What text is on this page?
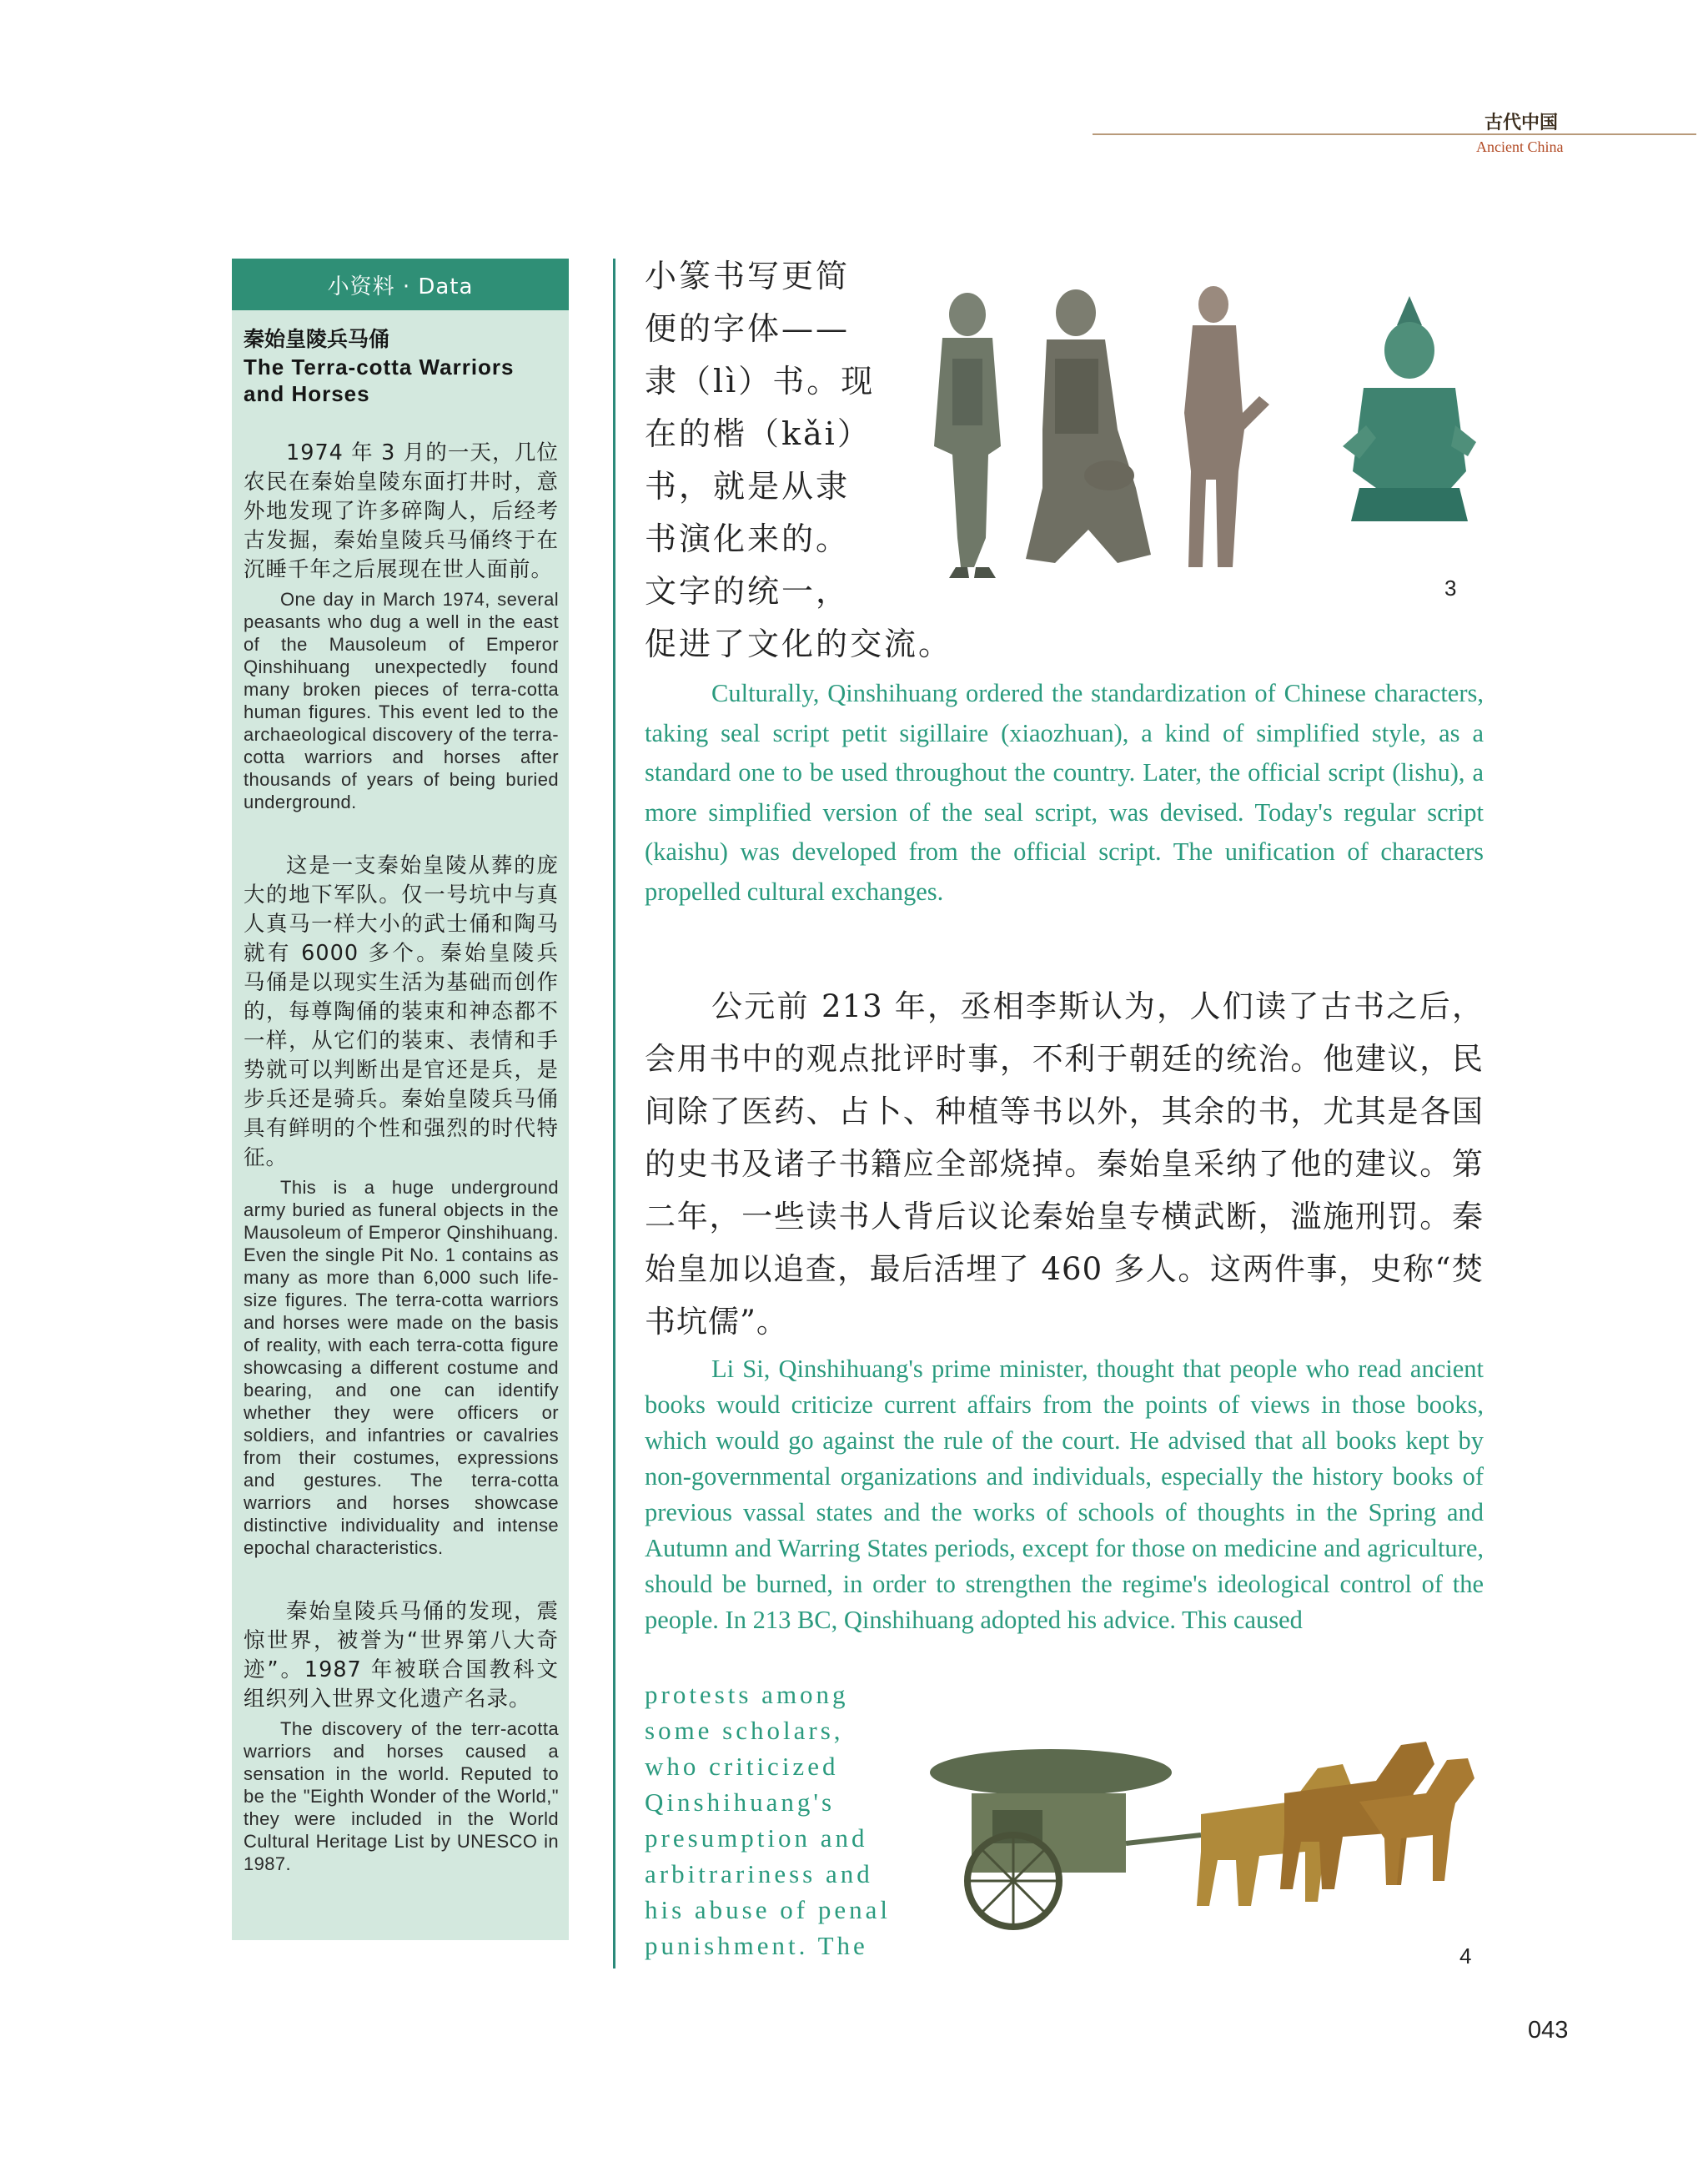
古代中国
Ancient China
小资料 · Data
秦始皇陵兵马俑
The Terra-cotta Warriors
and Horses

1974 年 3 月的一天，几位农民在秦始皇陵东面打井时，意外地发现了许多碎陶人，后经考古发掘，秦始皇陵兵马俑终于在沉睡千年之后展现在世人面前。

One day in March 1974, several peasants who dug a well in the east of the Mausoleum of Emperor Qinshihuang unexpectedly found many broken pieces of terra-cotta human figures. This event led to the archaeological discovery of the terra-cotta warriors and horses after thousands of years of being buried underground.

这是一支秦始皇陵从葬的庞大的地下军队。仅一号坑中与真人真马一样大小的武士俑和陶马就有 6000 多个。秦始皇陵兵马俑是以现实生活为基础而创作的，每尊陶俑的装束和神态都不一样，从它们的装束、表情和手势就可以判断出是官还是兵，是步兵还是骑兵。秦始皇陵兵马俑具有鲜明的个性和强烈的时代特征。

This is a huge underground army buried as funeral objects in the Mausoleum of Emperor Qinshihuang. Even the single Pit No. 1 contains as many as more than 6,000 such life-size figures. The terra-cotta warriors and horses were made on the basis of reality, with each terra-cotta figure showcasing a different costume and bearing, and one can identify whether they were officers or soldiers, and infantries or cavalries from their costumes, expressions and gestures. The terra-cotta warriors and horses showcase distinctive individuality and intense epochal characteristics.

秦始皇陵兵马俑的发现，震惊世界，被誉为“世界第八大奇迹”。1987 年被联合国教科文组织列入世界文化遗产名录。

The discovery of the terr-acotta warriors and horses caused a sensation in the world. Reputed to be the "Eighth Wonder of the World," they were included in the World Cultural Heritage List by UNESCO in 1987.

小篆书写更简

便的字体——

隶（lì）书。现

在的楷（kǎi）

书，就是从隶

书演化来的。

文字的统一，

促进了文化的交流。

3

Culturally, Qinshihuang ordered the standardization of Chinese characters, taking seal script petit sigillaire (xiaozhuan), a kind of simplified style, as a standard one to be used throughout the country. Later, the official script (lishu), a more simplified version of the seal script, was devised. Today's regular script (kaishu) was developed from the official script. The unification of characters propelled cultural exchanges.

公元前 213 年，丞相李斯认为，人们读了古书之后，会用书中的观点批评时事，不利于朝廷的统治。他建议，民间除了医药、占卜、种植等书以外，其余的书，尤其是各国的史书及诸子书籍应全部烧掉。秦始皇采纳了他的建议。第二年，一些读书人背后议论秦始皇专横武断，滥施刑罚。秦始皇加以追查，最后活埋了 460 多人。这两件事，史称“焚书坑儒”。

Li Si, Qinshihuang's prime minister, thought that people who read ancient books would criticize current affairs from the points of views in those books, which would go against the rule of the court. He advised that all books kept by non-governmental organizations and individuals, especially the history books of previous vassal states and the works of schools of thoughts in the Spring and Autumn and Warring States periods, except for those on medicine and agriculture, should be burned, in order to strengthen the regime's ideological control of the people. In 213 BC, Qinshihuang adopted his advice. This caused

protests among
some scholars,
who criticized
Qinshihuang's
presumption and
arbitrariness and
his abuse of penal
punishment. The	4
043
